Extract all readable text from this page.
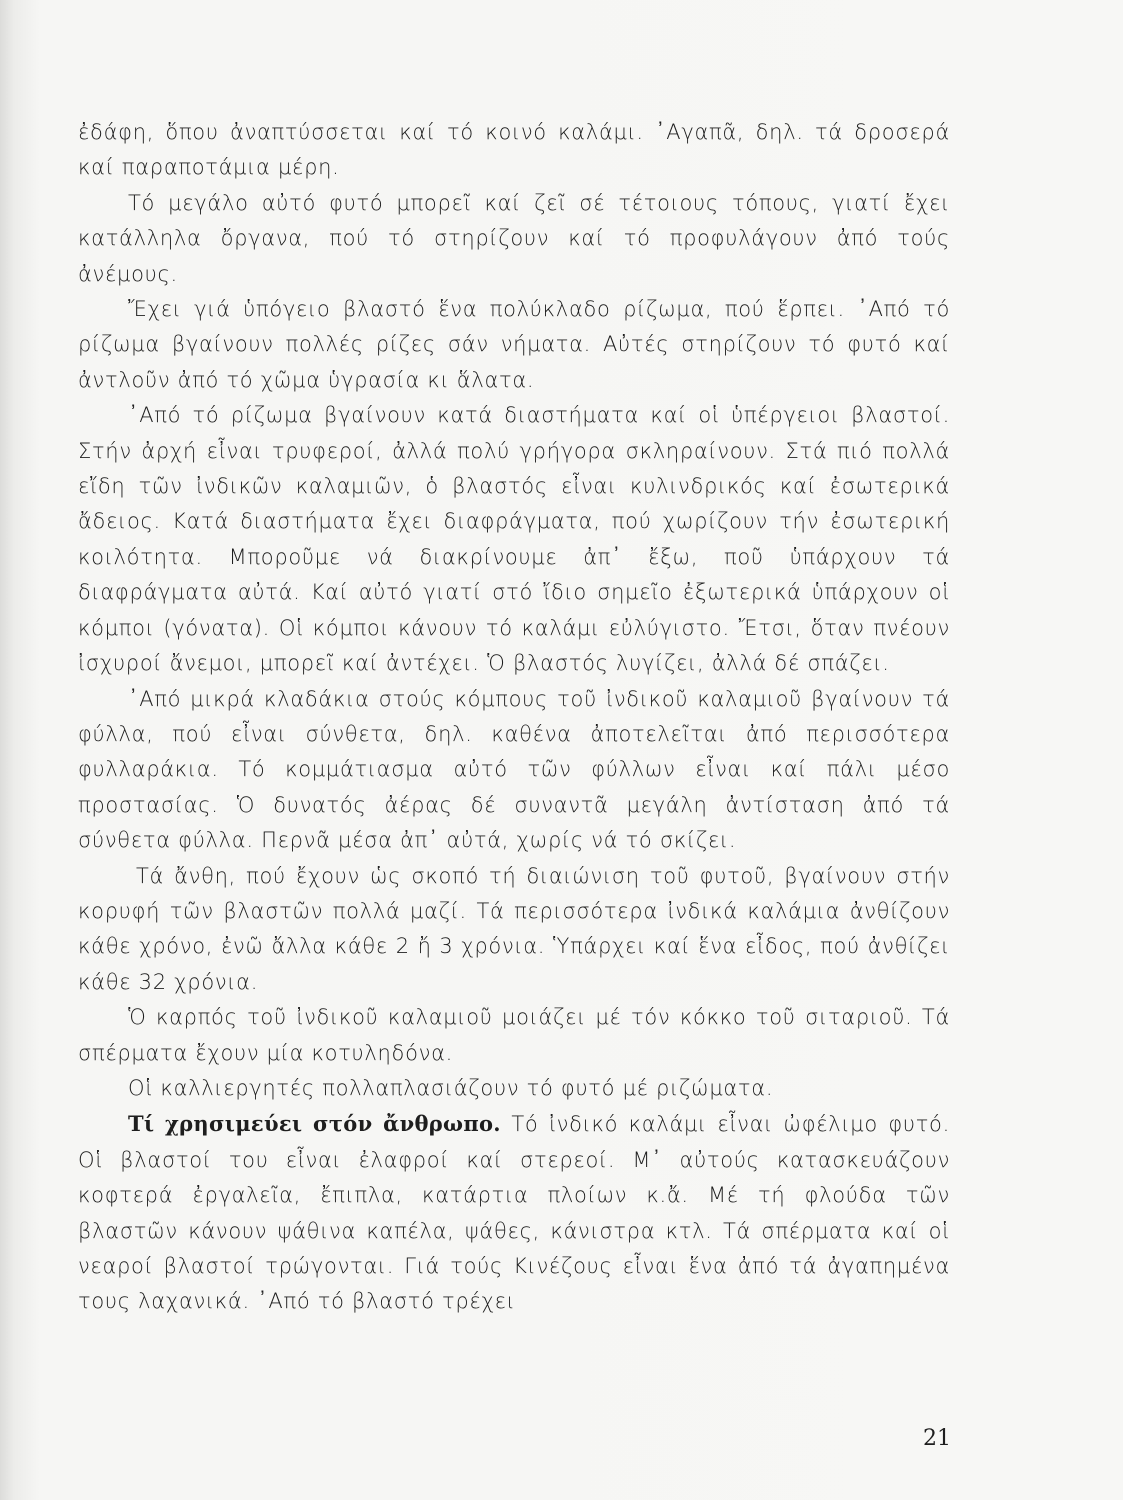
ἐδάφη, ὅπου ἀναπτύσσεται καί τό κοινό καλάμι. ᾿Αγαπᾶ, δηλ. τά δροσερά καί παραποτάμια μέρη.

Τό μεγάλο αὐτό φυτό μπορεῖ καί ζεῖ σέ τέτοιους τόπους, γιατί ἔχει κατάλληλα ὄργανα, πού τό στηρίζουν καί τό προφυλάγουν ἀπό τούς ἀνέμους.

Ἔχει γιά ὑπόγειο βλαστό ἕνα πολύκλαδο ρίζωμα, πού ἕρπει. ᾿Από τό ρίζωμα βγαίνουν πολλές ρίζες σάν νήματα. Αὐτές στηρίζουν τό φυτό καί ἀντλοῦν ἀπό τό χῶμα ὑγρασία κι ἅλατα.

᾿Από τό ρίζωμα βγαίνουν κατά διαστήματα καί οἱ ὑπέργειοι βλαστοί. Στήν ἀρχή εἶναι τρυφεροί, ἀλλά πολύ γρήγορα σκληραίνουν. Στά πιό πολλά εἴδη τῶν ἰνδικῶν καλαμιῶν, ὁ βλαστός εἶναι κυλινδρικός καί ἐσωτερικά ἄδειος. Κατά διαστήματα ἔχει διαφράγματα, πού χωρίζουν τήν ἐσωτερική κοιλότητα. Μποροῦμε νά διακρίνουμε ἀπ᾿ ἔξω, ποῦ ὑπάρχουν τά διαφράγματα αὐτά. Καί αὐτό γιατί στό ἴδιο σημεῖο ἐξωτερικά ὑπάρχουν οἱ κόμποι (γόνατα). Οἱ κόμποι κάνουν τό καλάμι εὐλύγιστο. Ἔτσι, ὅταν πνέουν ἰσχυροί ἄνεμοι, μπορεῖ καί ἀντέχει. Ὁ βλαστός λυγίζει, ἀλλά δέ σπάζει.

᾿Από μικρά κλαδάκια στούς κόμπους τοῦ ἰνδικοῦ καλαμιοῦ βγαίνουν τά φύλλα, πού εἶναι σύνθετα, δηλ. καθένα ἀποτελεῖται ἀπό περισσότερα φυλλαράκια. Τό κομμάτιασμα αὐτό τῶν φύλλων εἶναι καί πάλι μέσο προστασίας. Ὁ δυνατός ἀέρας δέ συναντᾶ μεγάλη ἀντίσταση ἀπό τά σύνθετα φύλλα. Περνᾶ μέσα ἀπ᾿ αὐτά, χωρίς νά τό σκίζει.

Τά ἄνθη, πού ἔχουν ὡς σκοπό τή διαιώνιση τοῦ φυτοῦ, βγαίνουν στήν κορυφή τῶν βλαστῶν πολλά μαζί. Τά περισσότερα ἰνδικά καλάμια ἀνθίζουν κάθε χρόνο, ἐνῶ ἄλλα κάθε 2 ἤ 3 χρόνια. Ὑπάρχει καί ἕνα εἶδος, πού ἀνθίζει κάθε 32 χρόνια.

Ὁ καρπός τοῦ ἰνδικοῦ καλαμιοῦ μοιάζει μέ τόν κόκκο τοῦ σιταριοῦ. Τά σπέρματα ἔχουν μία κοτυληδόνα.

Οἱ καλλιεργητές πολλαπλασιάζουν τό φυτό μέ ριζώματα.

Τί χρησιμεύει στόν ἄνθρωπο. Τό ἰνδικό καλάμι εἶναι ὠφέλιμο φυτό. Οἱ βλαστοί του εἶναι ἐλαφροί καί στερεοί. Μ᾿ αὐτούς κατασκευάζουν κοφτερά ἐργαλεῖα, ἔπιπλα, κατάρτια πλοίων κ.ἄ. Μέ τή φλούδα τῶν βλαστῶν κάνουν ψάθινα καπέλα, ψάθες, κάνιστρα κτλ. Τά σπέρματα καί οἱ νεαροί βλαστοί τρώγονται. Γιά τούς Κινέζους εἶναι ἕνα ἀπό τά ἀγαπημένα τους λαχανικά. ᾿Από τό βλαστό τρέχει

21
